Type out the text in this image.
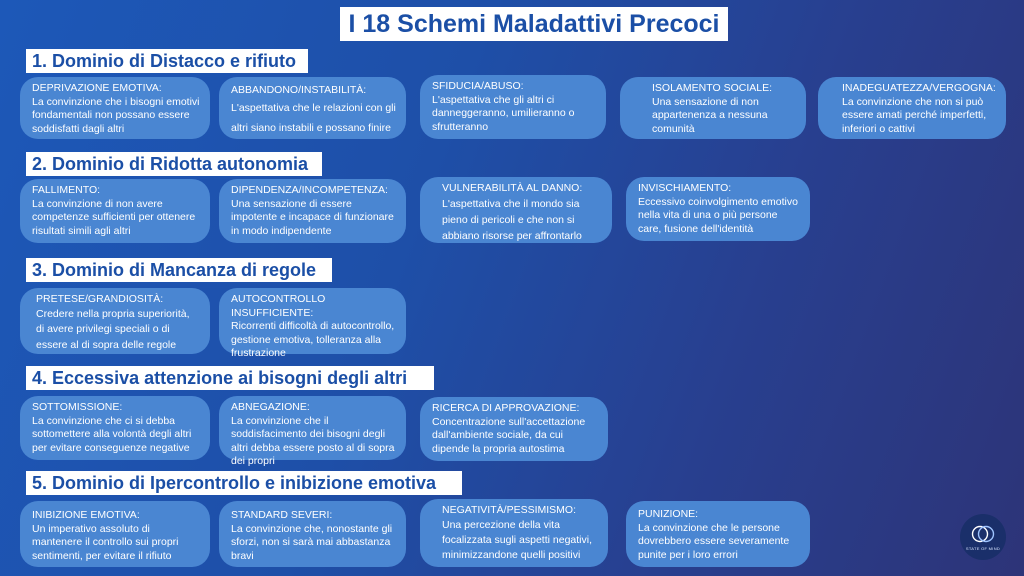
I 18 Schemi Maladattivi Precoci
1. Dominio di Distacco e rifiuto
DEPRIVAZIONE EMOTIVA:
La convinzione che i bisogni emotivi fondamentali non possano essere soddisfatti dagli altri
ABBANDONO/INSTABILITÀ:
L'aspettativa che le relazioni con gli altri siano instabili e possano finire
SFIDUCIA/ABUSO:
L'aspettativa che gli altri ci danneggeranno, umilieranno o sfrutteranno
ISOLAMENTO SOCIALE:
Una sensazione di non appartenenza a nessuna comunità
INADEGUATEZZA/VERGOGNA:
La convinzione che non si può essere amati perché imperfetti, inferiori o cattivi
2. Dominio di Ridotta autonomia
FALLIMENTO:
La convinzione di non avere competenze sufficienti per ottenere risultati simili agli altri
DIPENDENZA/INCOMPETENZA:
Una sensazione di essere impotente e incapace di funzionare in modo indipendente
VULNERABILITÀ AL DANNO:
L'aspettativa che il mondo sia pieno di pericoli e che non si abbiano risorse per affrontarlo
INVISCHIAMENTO:
Eccessivo coinvolgimento emotivo nella vita di una o più persone care, fusione dell'identità
3. Dominio di Mancanza di regole
PRETESE/GRANDIOSITÀ:
Credere nella propria superiorità, di avere privilegi speciali o di essere al di sopra delle regole
AUTOCONTROLLO INSUFFICIENTE:
Ricorrenti difficoltà di autocontrollo, gestione emotiva, tolleranza alla frustrazione
4. Eccessiva attenzione ai bisogni degli altri
SOTTOMISSIONE:
La convinzione che ci si debba sottomettere alla volontà degli altri per evitare conseguenze negative
ABNEGAZIONE:
La convinzione che il soddisfacimento dei bisogni degli altri debba essere posto al di sopra dei propri
RICERCA DI APPROVAZIONE:
Concentrazione sull'accettazione dall'ambiente sociale, da cui dipende la propria autostima
5. Dominio di Ipercontrollo e inibizione emotiva
INIBIZIONE EMOTIVA:
Un imperativo assoluto di mantenere il controllo sui propri sentimenti, per evitare il rifiuto
STANDARD SEVERI:
La convinzione che, nonostante gli sforzi, non si sarà mai abbastanza bravi
NEGATIVITÀ/PESSIMISMO:
Una percezione della vita focalizzata sugli aspetti negativi, minimizzandone quelli positivi
PUNIZIONE:
La convinzione che le persone dovrebbero essere severamente punite per i loro errori	STATE OF MIND
